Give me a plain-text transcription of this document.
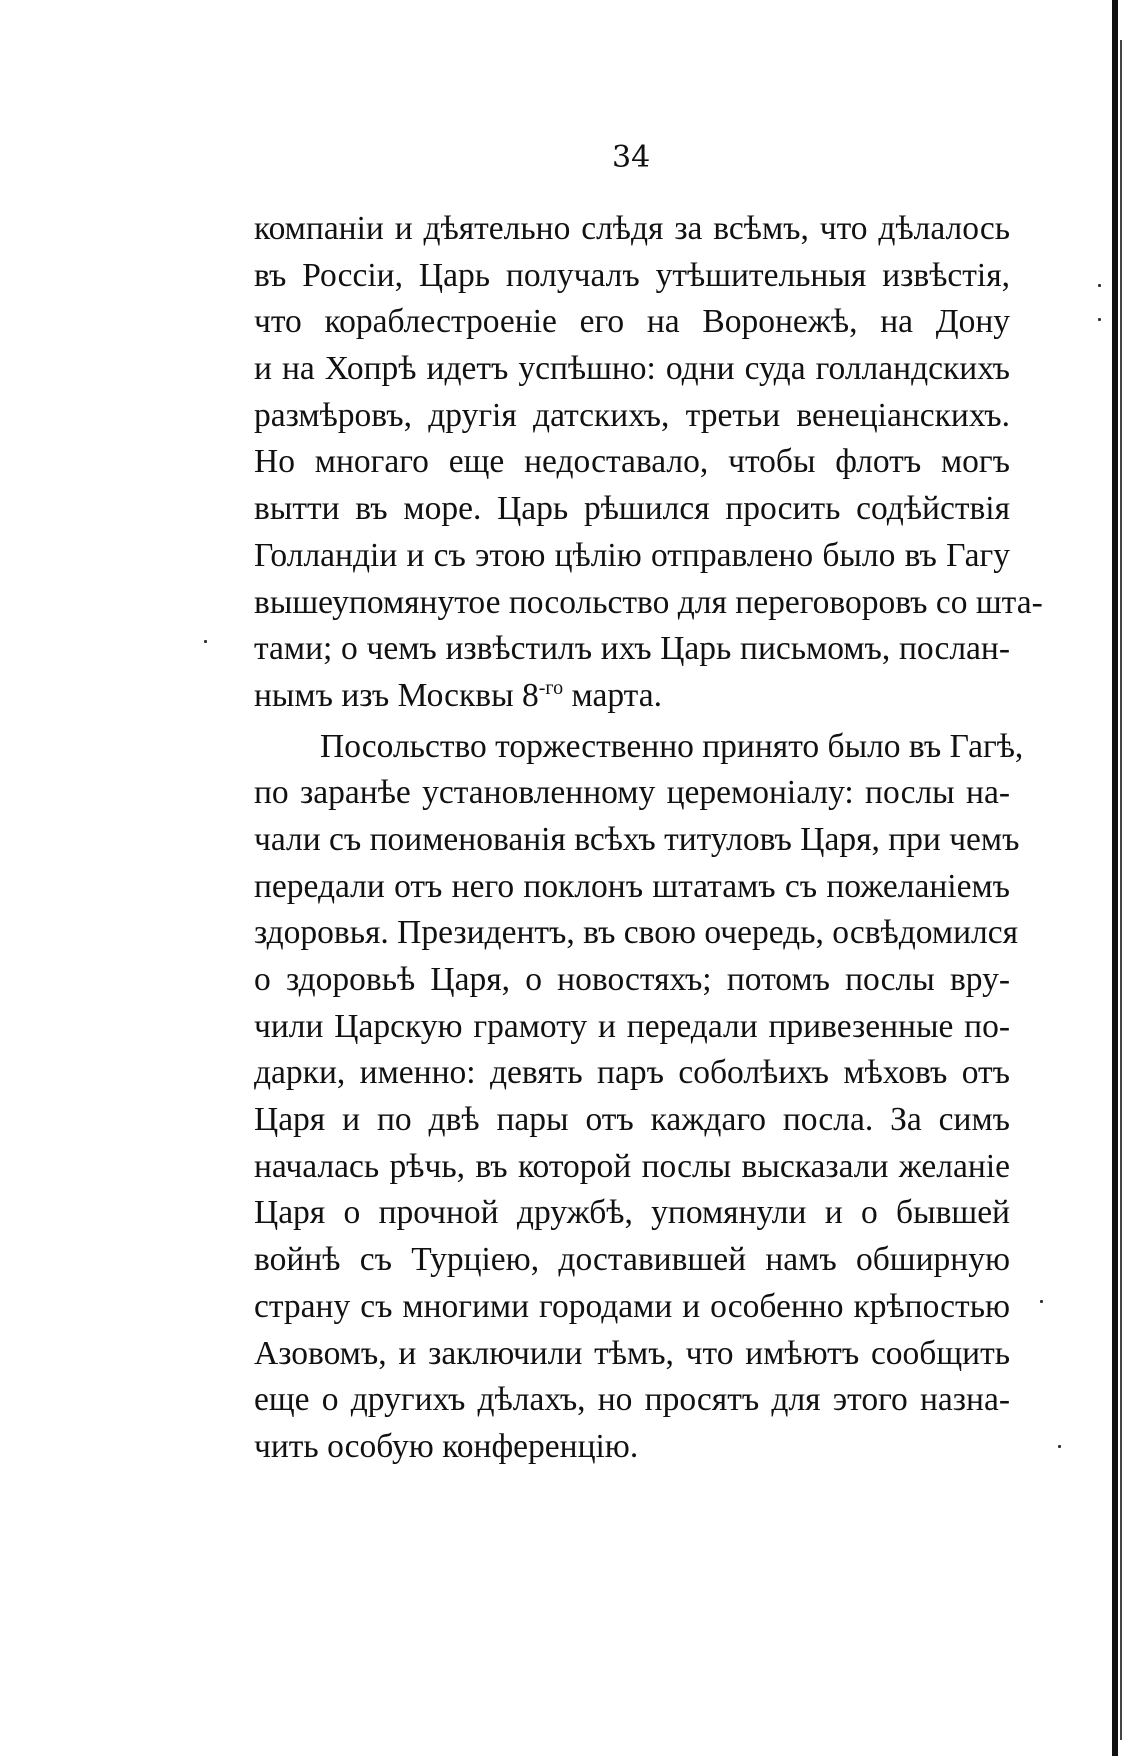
34
компаніи и дѣятельно слѣдя за всѣмъ, что дѣлалось
въ Россіи, Царь получалъ утѣшительныя извѣстія,
что кораблестроеніе его на Воронежѣ, на Дону
и на Хопрѣ идетъ успѣшно: одни суда голландскихъ
размѣровъ, другія датскихъ, третьи венеціанскихъ.
Но многаго еще недоставало, чтобы флотъ могъ
вытти въ море. Царь рѣшился просить содѣйствія
Голландіи и съ этою цѣлію отправлено было въ Гагу
вышеупомянутое посольство для переговоровъ со шта-
тами; о чемъ извѣстилъ ихъ Царь письмомъ, послан-
нымъ изъ Москвы $8^{-го}$ марта.
Посольство торжественно принято было въ Гагѣ,
по заранѣе установленному церемоніалу: послы на-
чали съ поименованія всѣхъ титуловъ Царя, при чемъ
передали отъ него поклонъ штатамъ съ пожеланіемъ
здоровья. Президентъ, въ свою очередь, освѣдомился
о здоровьѣ Царя, о новостяхъ; потомъ послы вру-
чили Царскую грамоту и передали привезенные по-
дарки, именно: девять паръ соболѣихъ мѣховъ отъ
Царя и по двѣ пары отъ каждаго посла. За симъ
началась рѣчь, въ которой послы высказали желаніе
Царя о прочной дружбѣ, упомянули и о бывшей
войнѣ съ Турціею, доставившей намъ обширную
страну съ многими городами и особенно крѣпостью
Азовомъ, и заключили тѣмъ, что имѣютъ сообщить
еще о другихъ дѣлахъ, но просятъ для этого назна-
чить особую конференцію.
